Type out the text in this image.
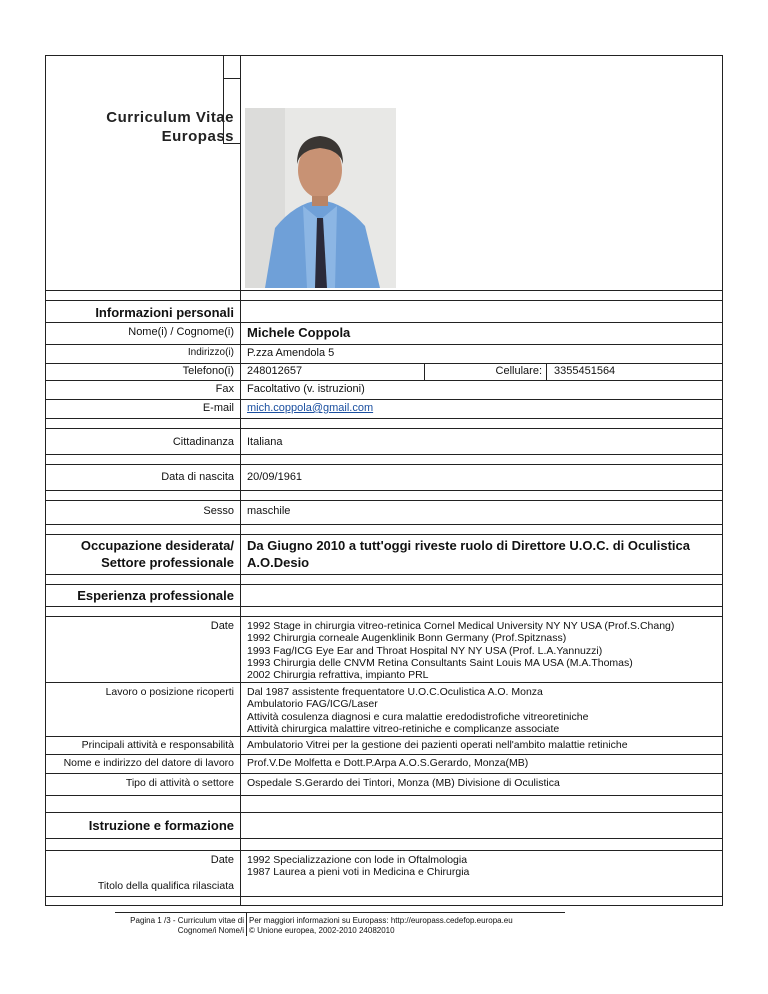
Curriculum Vitae
Europass
Informazioni personali
Nome(i) / Cognome(i) Michele Coppola
Indirizzo(i) P.zza Amendola 5
Telefono(i) 248012657	Cellulare: 3355451564
Fax Facoltativo (v. istruzioni)
E-mail mich.coppola@gmail.com
Cittadinanza Italiana
Data di nascita 20/09/1961
Sesso maschile
Occupazione desiderata/
Settore professionale
Da Giugno 2010 a tutt'oggi riveste ruolo di Direttore U.O.C. di Oculistica
A.O.Desio
Esperienza professionale
Date 1992 Stage in chirurgia vitreo-retinica Cornel Medical University NY NY USA (Prof.S.Chang)
1992 Chirurgia corneale Augenklinik Bonn Germany (Prof.Spitznass)
1993 Fag/ICG Eye Ear and Throat Hospital NY NY USA (Prof. L.A.Yannuzzi)
1993 Chirurgia delle CNVM Retina Consultants Saint Louis MA USA (M.A.Thomas)
2002 Chirurgia refrattiva, impianto PRL
Lavoro o posizione ricoperti Dal 1987 assistente frequentatore U.O.C.Oculistica A.O. Monza
Ambulatorio FAG/ICG/Laser
Attività cosulenza diagnosi e cura malattie eredodistrofiche vitreoretiniche
Attività chirurgica malattire vitreo-retiniche e complicanze associate
Principali attività e responsabilità Ambulatorio Vitrei per la gestione dei pazienti operati nell'ambito malattie retiniche
Nome e indirizzo del datore di lavoro Prof.V.De Molfetta e Dott.P.Arpa A.O.S.Gerardo, Monza(MB)
Tipo di attività o settore Ospedale S.Gerardo dei Tintori, Monza (MB) Divisione di Oculistica
Istruzione e formazione
Date 1992 Specializzazione con lode in Oftalmologia
1987 Laurea a pieni voti in Medicina e Chirurgia
Titolo della qualifica rilasciata
Pagina 1 /3 - Curriculum vitae di
Cognome/i Nome/i
Per maggiori informazioni su Europass: http://europass.cedefop.europa.eu
© Unione europea, 2002-2010 24082010
